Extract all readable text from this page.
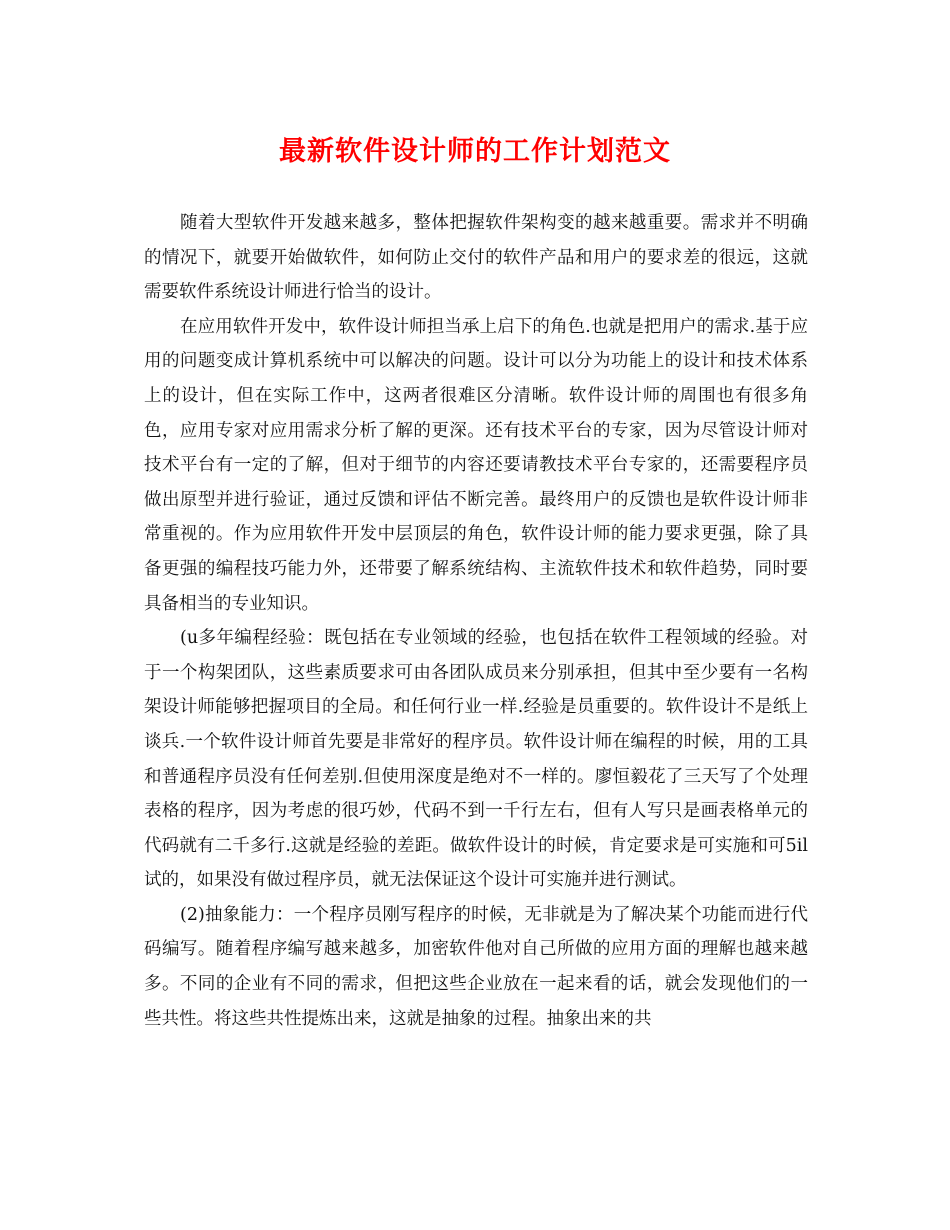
最新软件设计师的工作计划范文

随着大型软件开发越来越多，整体把握软件架构变的越来越重要。需求并不明确的情况下，就要开始做软件，如何防止交付的软件产品和用户的要求差的很远，这就需要软件系统设计师进行恰当的设计。

在应用软件开发中，软件设计师担当承上启下的角色.也就是把用户的需求.基于应用的问题变成计算机系统中可以解决的问题。设计可以分为功能上的设计和技术体系上的设计，但在实际工作中，这两者很难区分清晰。软件设计师的周围也有很多角色，应用专家对应用需求分析了解的更深。还有技术平台的专家，因为尽管设计师对技术平台有一定的了解，但对于细节的内容还要请教技术平台专家的，还需要程序员做出原型并进行验证，通过反馈和评估不断完善。最终用户的反馈也是软件设计师非常重视的。作为应用软件开发中层顶层的角色，软件设计师的能力要求更强，除了具备更强的编程技巧能力外，还带要了解系统结构、主流软件技术和软件趋势，同时要具备相当的专业知识。

(u多年编程经验：既包括在专业领域的经验，也包括在软件工程领域的经验。对于一个构架团队，这些素质要求可由各团队成员来分别承担，但其中至少要有一名构架设计师能够把握项目的全局。和任何行业一样.经验是员重要的。软件设计不是纸上谈兵.一个软件设计师首先要是非常好的程序员。软件设计师在编程的时候，用的工具和普通程序员没有任何差别.但使用深度是绝对不一样的。廖恒毅花了三天写了个处理表格的程序，因为考虑的很巧妙，代码不到一千行左右，但有人写只是画表格单元的代码就有二千多行.这就是经验的差距。做软件设计的时候，肯定要求是可实施和可5il试的，如果没有做过程序员，就无法保证这个设计可实施并进行测试。

(2)抽象能力：一个程序员刚写程序的时候，无非就是为了解决某个功能而进行代码编写。随着程序编写越来越多，加密软件他对自己所做的应用方面的理解也越来越多。不同的企业有不同的需求，但把这些企业放在一起来看的话，就会发现他们的一些共性。将这些共性提炼出来，这就是抽象的过程。抽象出来的共
